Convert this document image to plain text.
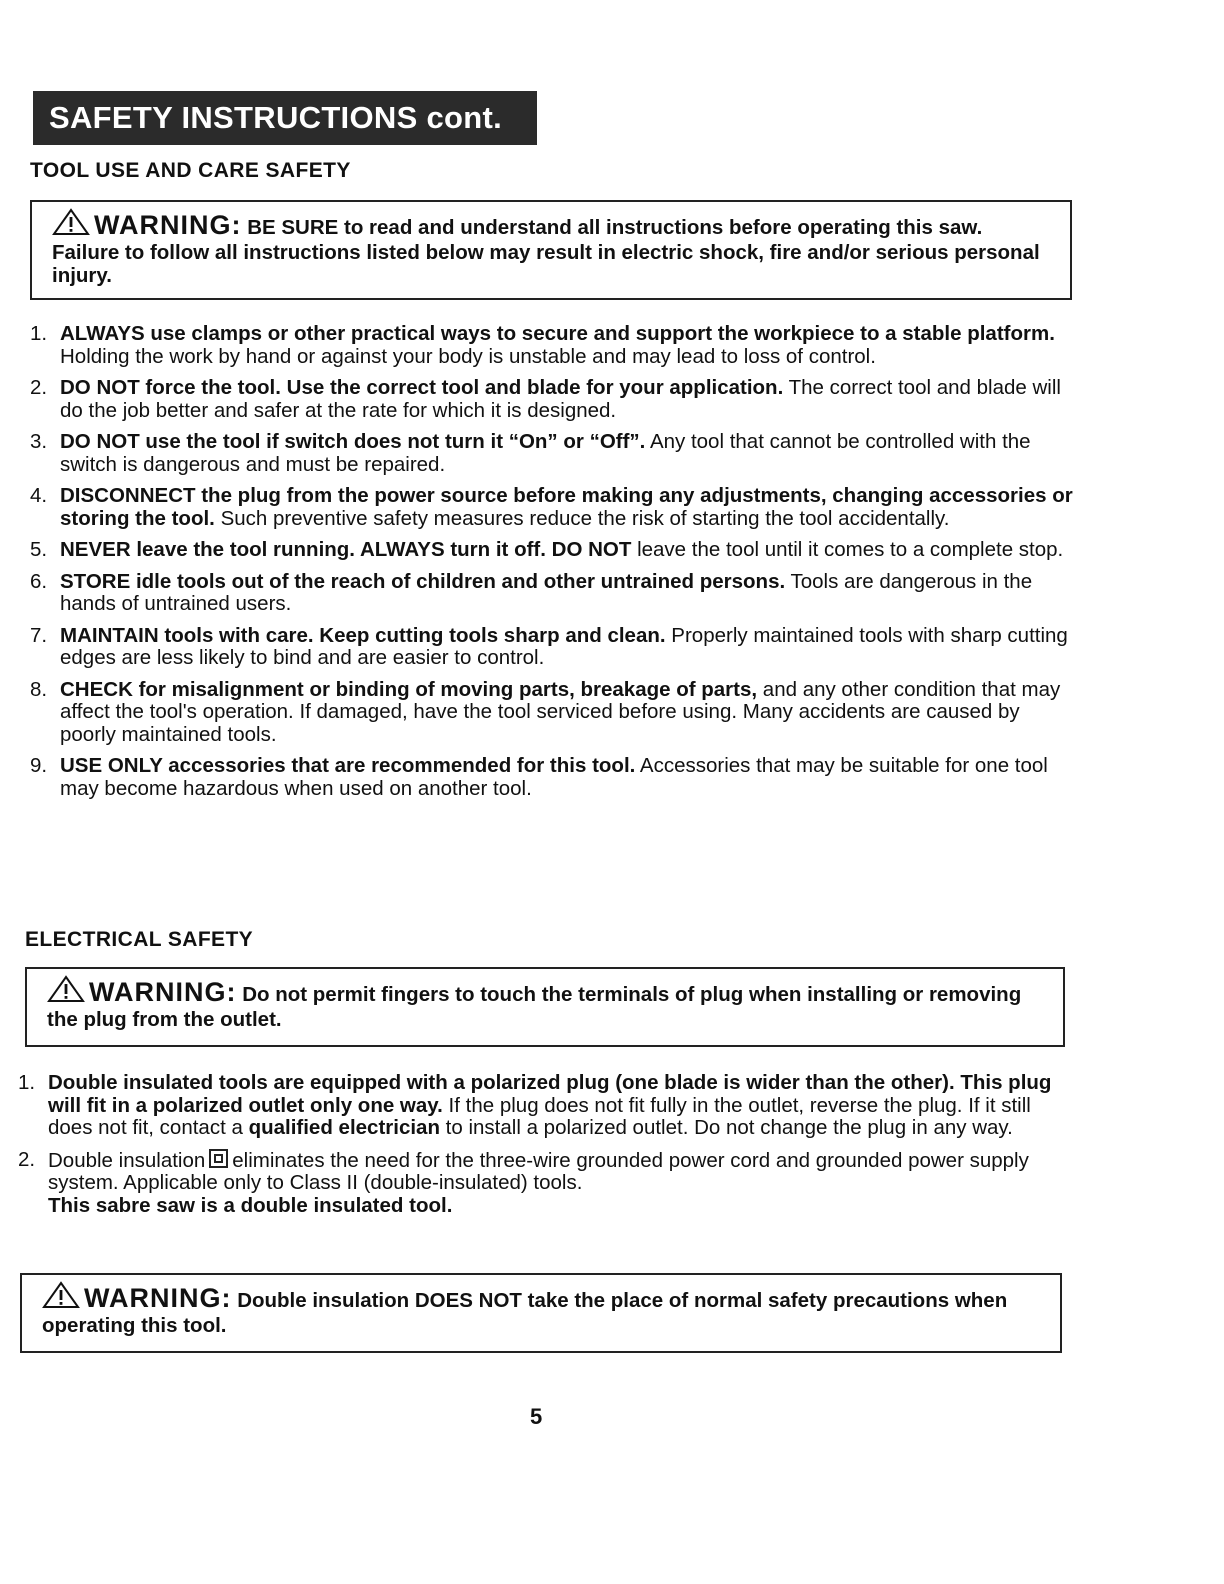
SAFETY INSTRUCTIONS cont.
TOOL USE AND CARE SAFETY
WARNING: BE SURE to read and understand all instructions before operating this saw. Failure to follow all instructions listed below may result in electric shock, fire and/or serious personal injury.
1. ALWAYS use clamps or other practical ways to secure and support the workpiece to a stable platform. Holding the work by hand or against your body is unstable and may lead to loss of control.
2. DO NOT force the tool. Use the correct tool and blade for your application. The correct tool and blade will do the job better and safer at the rate for which it is designed.
3. DO NOT use the tool if switch does not turn it “On” or “Off”. Any tool that cannot be controlled with the switch is dangerous and must be repaired.
4. DISCONNECT the plug from the power source before making any adjustments, changing accessories or storing the tool. Such preventive safety measures reduce the risk of starting the tool accidentally.
5. NEVER leave the tool running. ALWAYS turn it off. DO NOT leave the tool until it comes to a complete stop.
6. STORE idle tools out of the reach of children and other untrained persons. Tools are dangerous in the hands of untrained users.
7. MAINTAIN tools with care. Keep cutting tools sharp and clean. Properly maintained tools with sharp cutting edges are less likely to bind and are easier to control.
8. CHECK for misalignment or binding of moving parts, breakage of parts, and any other condition that may affect the tool's operation. If damaged, have the tool serviced before using. Many accidents are caused by poorly maintained tools.
9. USE ONLY accessories that are recommended for this tool. Accessories that may be suitable for one tool may become hazardous when used on another tool.
ELECTRICAL SAFETY
WARNING: Do not permit fingers to touch the terminals of plug when installing or removing the plug from the outlet.
1. Double insulated tools are equipped with a polarized plug (one blade is wider than the other). This plug will fit in a polarized outlet only one way. If the plug does not fit fully in the outlet, reverse the plug. If it still does not fit, contact a qualified electrician to install a polarized outlet. Do not change the plug in any way.
2. Double insulation eliminates the need for the three-wire grounded power cord and grounded power supply system. Applicable only to Class II (double-insulated) tools.
This sabre saw is a double insulated tool.
WARNING: Double insulation DOES NOT take the place of normal safety precautions when operating this tool.
5
